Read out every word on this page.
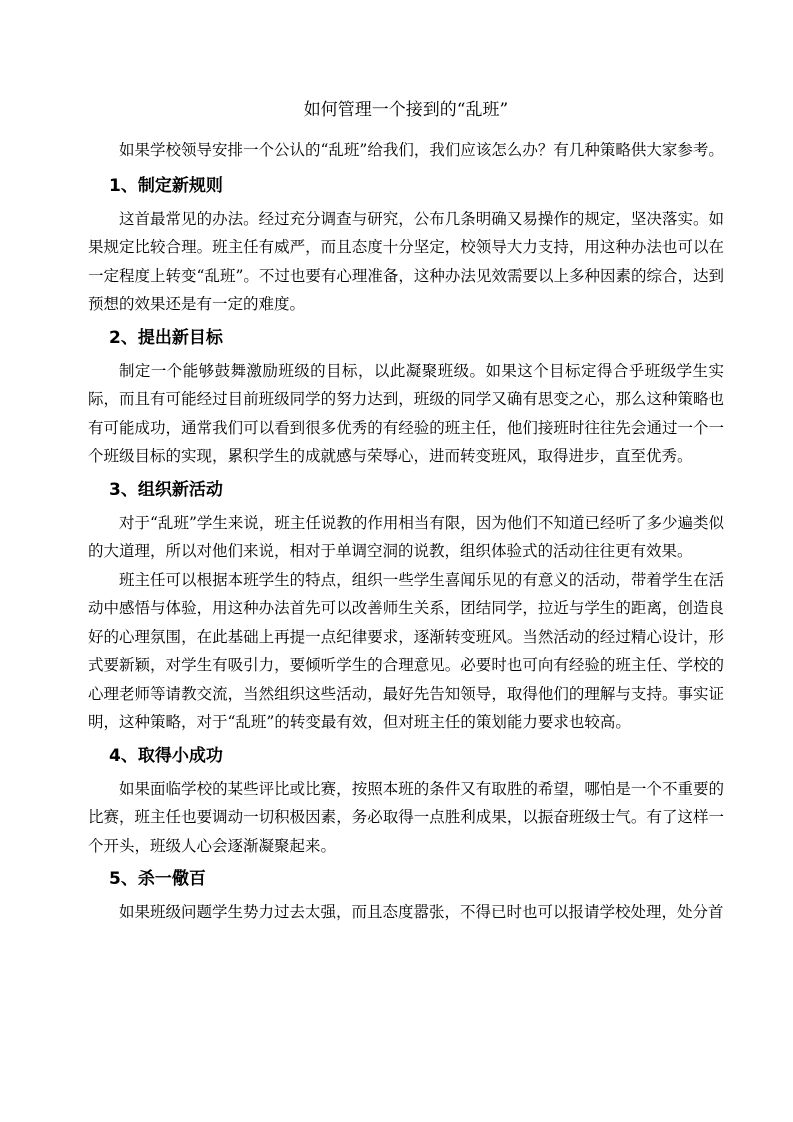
如何管理一个接到的“乱班”

如果学校领导安排一个公认的“乱班”给我们，我们应该怎么办？有几种策略供大家参考。

1、制定新规则

这首最常见的办法。经过充分调查与研究，公布几条明确又易操作的规定，坚决落实。如果规定比较合理。班主任有威严，而且态度十分坚定，校领导大力支持，用这种办法也可以在一定程度上转变“乱班”。不过也要有心理准备，这种办法见效需要以上多种因素的综合，达到预想的效果还是有一定的难度。

2、提出新目标

制定一个能够鼓舞激励班级的目标，以此凝聚班级。如果这个目标定得合乎班级学生实际，而且有可能经过目前班级同学的努力达到，班级的同学又确有思变之心，那么这种策略也有可能成功，通常我们可以看到很多优秀的有经验的班主任，他们接班时往往先会通过一个一个班级目标的实现，累积学生的成就感与荣辱心，进而转变班风，取得进步，直至优秀。

3、组织新活动

对于“乱班”学生来说，班主任说教的作用相当有限，因为他们不知道已经听了多少遍类似的大道理，所以对他们来说，相对于单调空洞的说教，组织体验式的活动往往更有效果。

班主任可以根据本班学生的特点，组织一些学生喜闻乐见的有意义的活动，带着学生在活动中感悟与体验，用这种办法首先可以改善师生关系，团结同学，拉近与学生的距离，创造良好的心理氛围，在此基础上再提一点纪律要求，逐渐转变班风。当然活动的经过精心设计，形式要新颖，对学生有吸引力，要倾听学生的合理意见。必要时也可向有经验的班主任、学校的心理老师等请教交流，当然组织这些活动，最好先告知领导，取得他们的理解与支持。事实证明，这种策略，对于“乱班”的转变最有效，但对班主任的策划能力要求也较高。

4、取得小成功

如果面临学校的某些评比或比赛，按照本班的条件又有取胜的希望，哪怕是一个不重要的比赛，班主任也要调动一切积极因素，务必取得一点胜利成果，以振奋班级士气。有了这样一个开头，班级人心会逐渐凝聚起来。

5、杀一儆百

如果班级问题学生势力过去太强，而且态度嚣张，不得已时也可以报请学校处理，处分首
